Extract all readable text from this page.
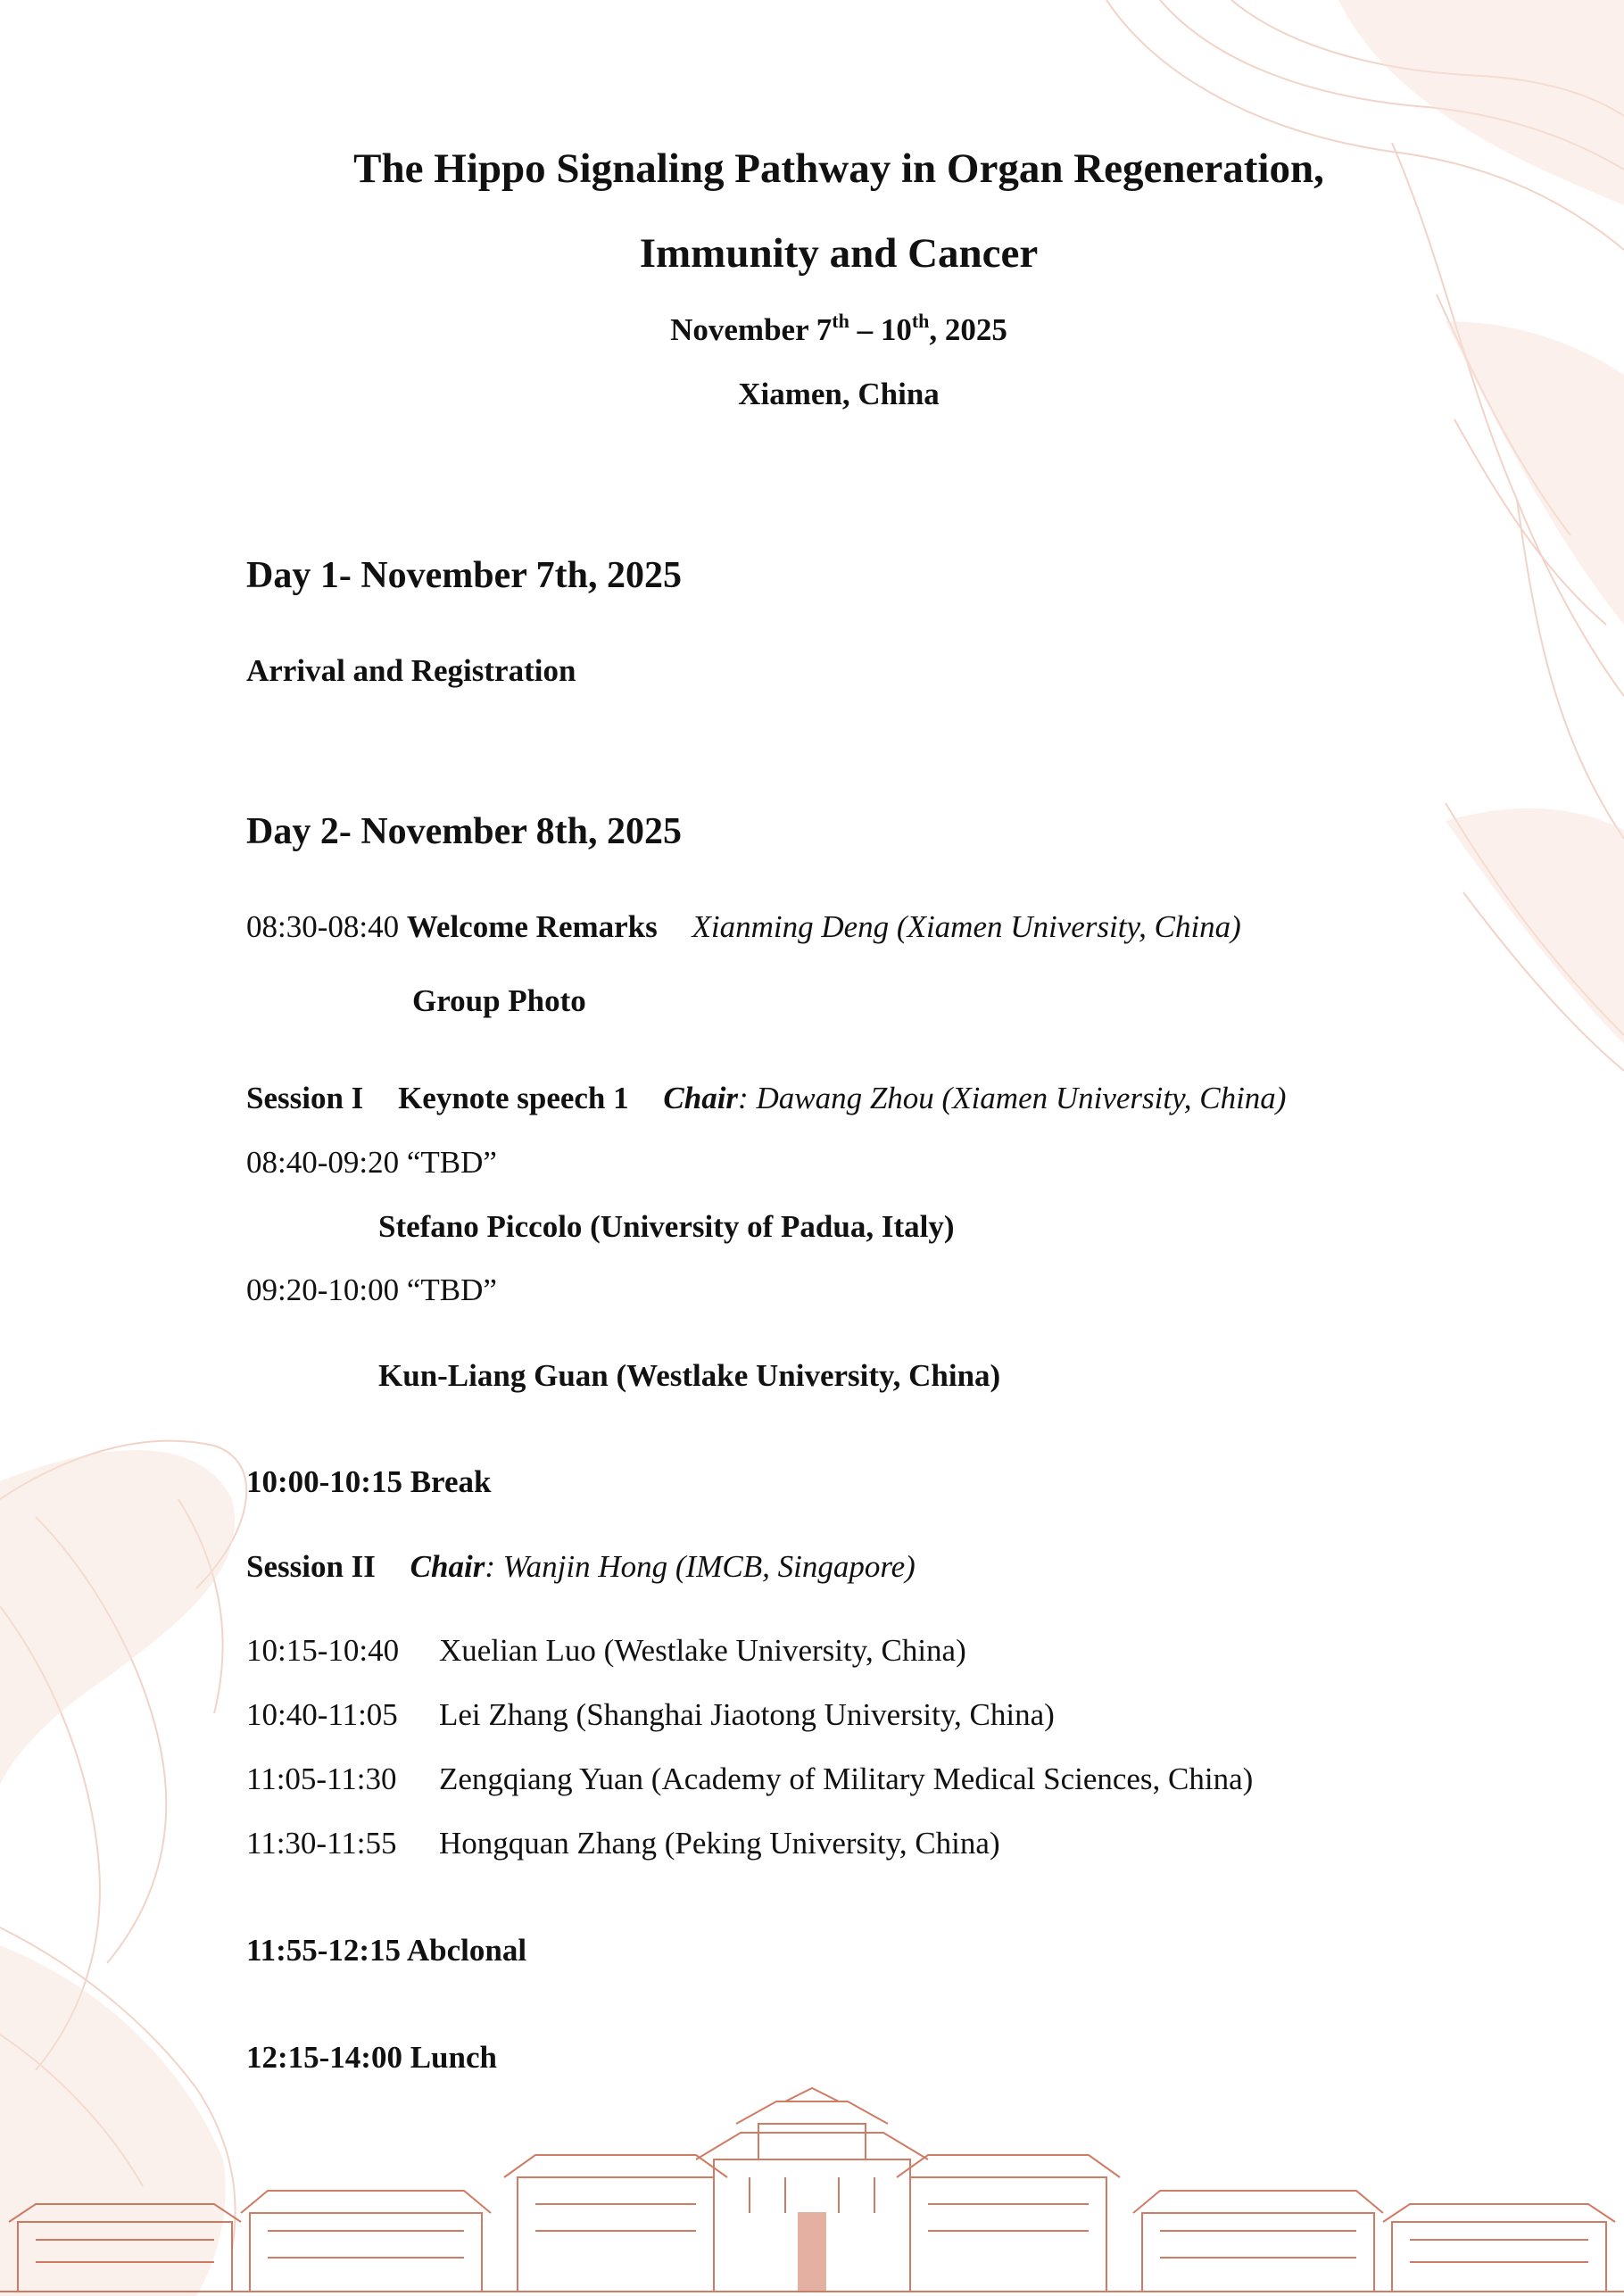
The Hippo Signaling Pathway in Organ Regeneration,
Immunity and Cancer
November 7th – 10th, 2025
Xiamen, China
Day 1- November 7th, 2025
Arrival and Registration
Day 2- November 8th, 2025
08:30-08:40 Welcome Remarks Xianming Deng (Xiamen University, China)
Group Photo
Session I Keynote speech 1 Chair: Dawang Zhou (Xiamen University, China)
08:40-09:20 “TBD”
Stefano Piccolo (University of Padua, Italy)
09:20-10:00 “TBD”
Kun-Liang Guan (Westlake University, China)
10:00-10:15 Break
Session II Chair: Wanjin Hong (IMCB, Singapore)
10:15-10:40 Xuelian Luo (Westlake University, China)
10:40-11:05 Lei Zhang (Shanghai Jiaotong University, China)
11:05-11:30 Zengqiang Yuan (Academy of Military Medical Sciences, China)
11:30-11:55 Hongquan Zhang (Peking University, China)
11:55-12:15 Abclonal
12:15-14:00 Lunch
